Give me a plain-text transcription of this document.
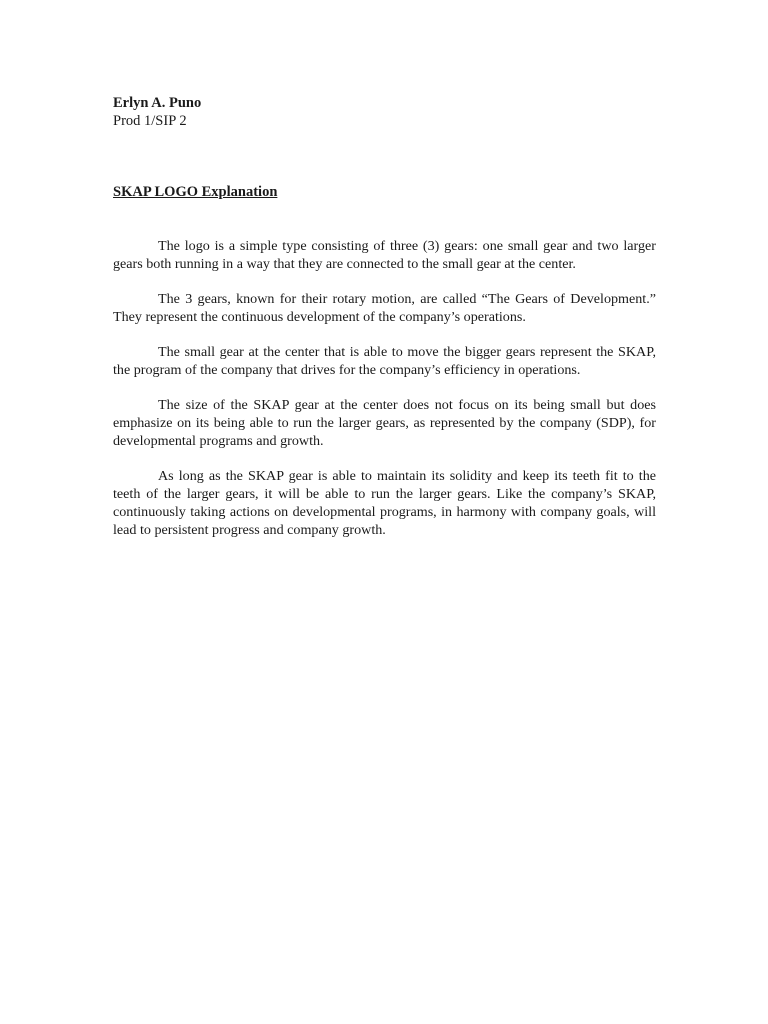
Erlyn A. Puno

Prod 1/SIP 2

SKAP LOGO Explanation

The logo is a simple type consisting of three (3) gears: one small gear and two larger gears both running in a way that they are connected to the small gear at the center.

The 3 gears, known for their rotary motion, are called “The Gears of Development.” They represent the continuous development of the company’s operations.

The small gear at the center that is able to move the bigger gears represent the SKAP, the program of the company that drives for the company’s efficiency in operations.

The size of the SKAP gear at the center does not focus on its being small but does emphasize on its being able to run the larger gears, as represented by the company (SDP), for developmental programs and growth.

As long as the SKAP gear is able to maintain its solidity and keep its teeth fit to the teeth of the larger gears, it will be able to run the larger gears. Like the company’s SKAP, continuously taking actions on developmental programs, in harmony with company goals, will lead to persistent progress and company growth.
